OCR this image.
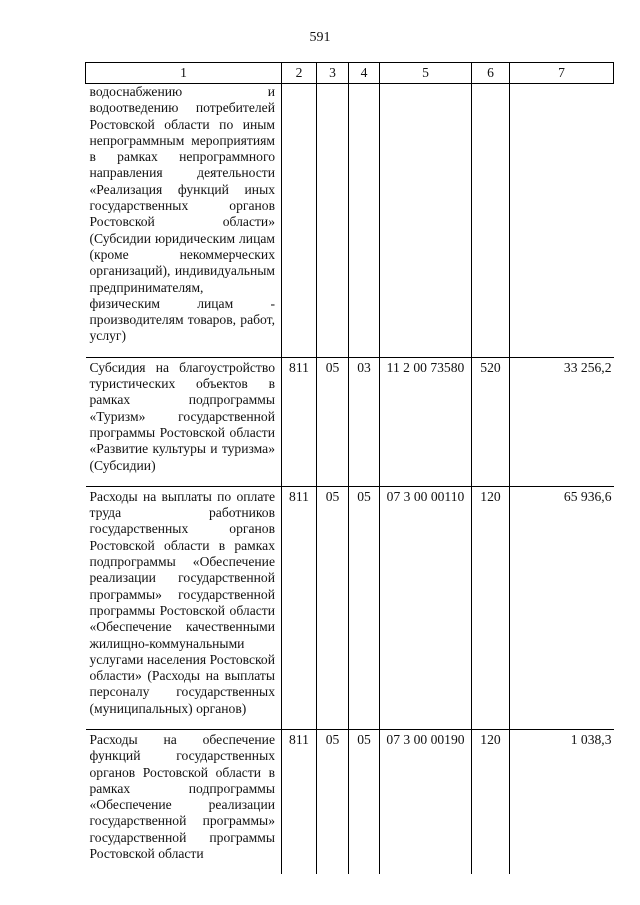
591
1	2	3	4	5	6	7
водоснабжению и водоотведению потребителей Ростовской области по иным непрограммным мероприятиям в рамках непрограммного направления деятельности «Реализация функций иных государственных органов Ростовской области» (Субсидии юридическим лицам (кроме некоммерческих организаций), индивидуальным предпринимателям, физическим лицам - производителям товаров, работ, услуг)						
Субсидия на благоустройство туристических объектов в рамках подпрограммы «Туризм» государственной программы Ростовской области «Развитие культуры и туризма» (Субсидии)	811	05	03	11 2 00 73580	520	33 256,2
Расходы на выплаты по оплате труда работников государственных органов Ростовской области в рамках подпрограммы «Обеспечение реализации государственной программы» государственной программы Ростовской области «Обеспечение качественными жилищно-коммунальными услугами населения Ростовской области» (Расходы на выплаты персоналу государственных (муниципальных) органов)	811	05	05	07 3 00 00110	120	65 936,6
Расходы на обеспечение функций государственных органов Ростовской области в рамках подпрограммы «Обеспечение реализации государственной программы» государственной программы Ростовской области	811	05	05	07 3 00 00190	120	1 038,3
